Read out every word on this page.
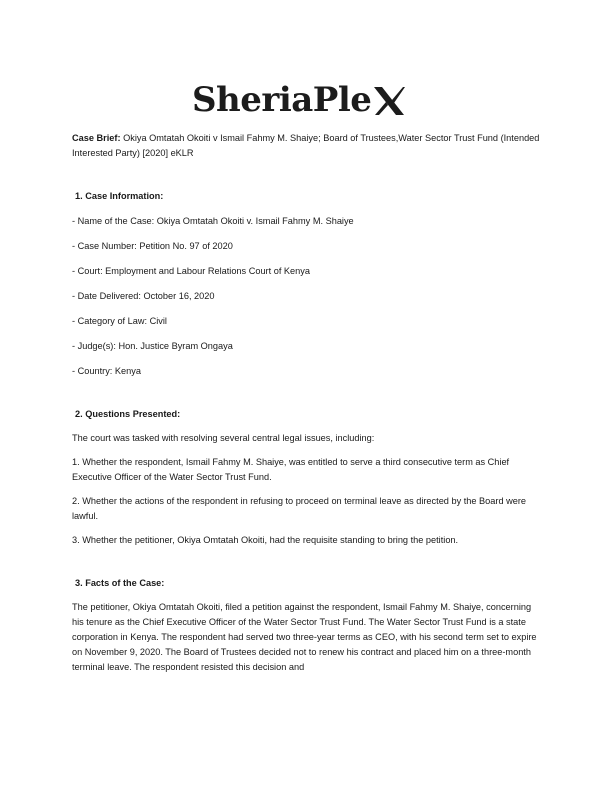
SheriaPle

Case Brief: Okiya Omtatah Okoiti v Ismail Fahmy M. Shaiye; Board of Trustees,Water Sector Trust Fund (Intended Interested Party) [2020] eKLR

1. Case Information:

- Name of the Case: Okiya Omtatah Okoiti v. Ismail Fahmy M. Shaiye

- Case Number: Petition No. 97 of 2020

- Court: Employment and Labour Relations Court of Kenya

- Date Delivered: October 16, 2020

- Category of Law: Civil

- Judge(s): Hon. Justice Byram Ongaya

- Country: Kenya

2. Questions Presented:

The court was tasked with resolving several central legal issues, including:

1. Whether the respondent, Ismail Fahmy M. Shaiye, was entitled to serve a third consecutive term as Chief Executive Officer of the Water Sector Trust Fund.

2. Whether the actions of the respondent in refusing to proceed on terminal leave as directed by the Board were lawful.

3. Whether the petitioner, Okiya Omtatah Okoiti, had the requisite standing to bring the petition.

3. Facts of the Case:

The petitioner, Okiya Omtatah Okoiti, filed a petition against the respondent, Ismail Fahmy M. Shaiye, concerning his tenure as the Chief Executive Officer of the Water Sector Trust Fund. The Water Sector Trust Fund is a state corporation in Kenya. The respondent had served two three-year terms as CEO, with his second term set to expire on November 9, 2020. The Board of Trustees decided not to renew his contract and placed him on a three-month terminal leave. The respondent resisted this decision and
